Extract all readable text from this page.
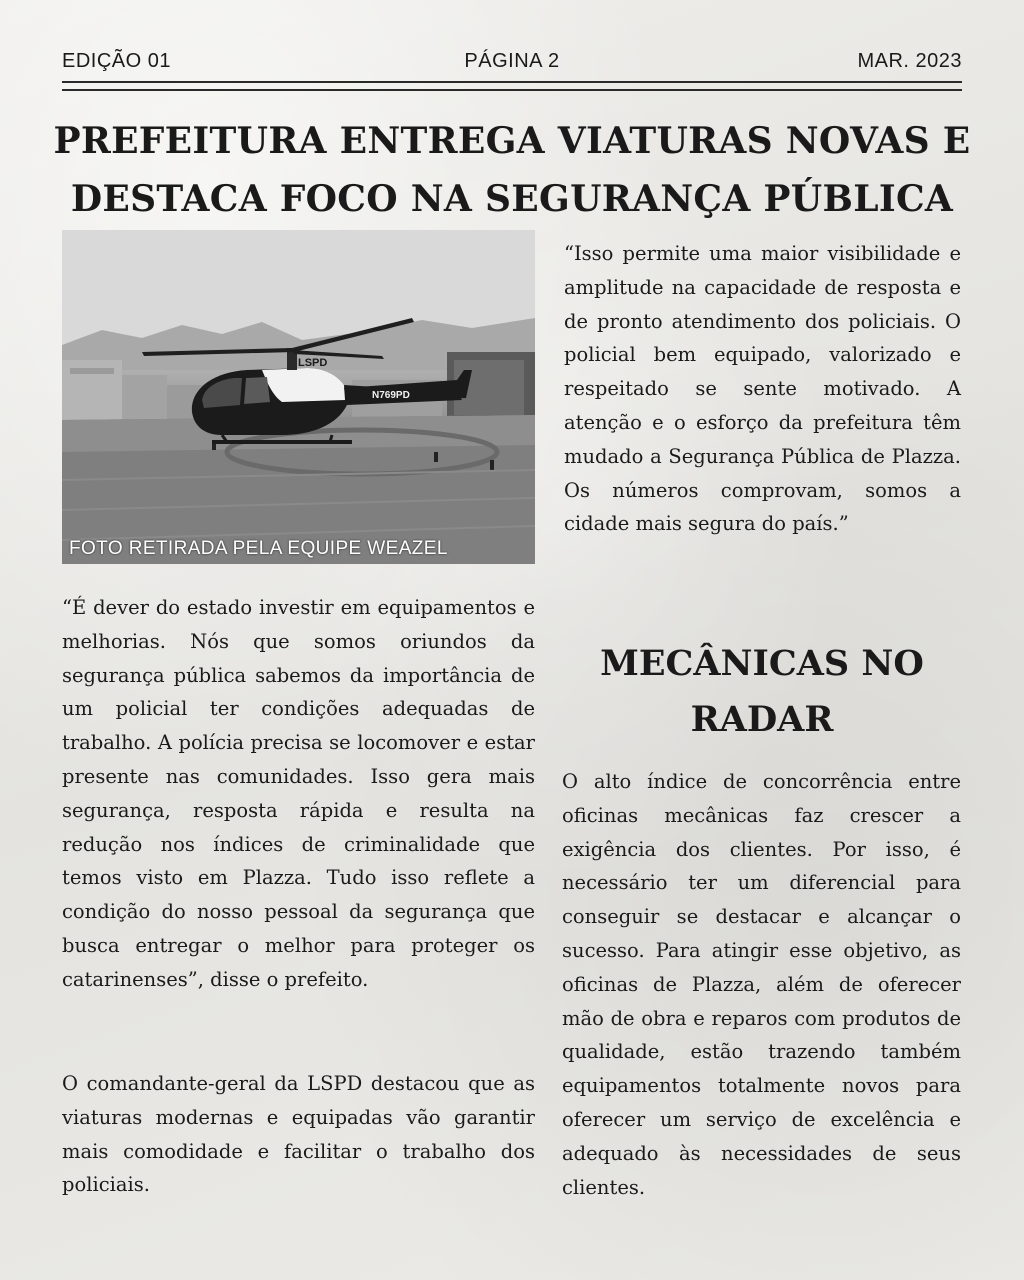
EDIÇÃO 01	PÁGINA 2	MAR. 2023
PREFEITURA ENTREGA VIATURAS NOVAS E DESTACA FOCO NA SEGURANÇA PÚBLICA
LSPD
N769PD
FOTO RETIRADA PELA EQUIPE WEAZEL

“É dever do estado investir em equipamentos e melhorias. Nós que somos oriundos da segurança pública sabemos da importância de um policial ter condições adequadas de trabalho. A polícia precisa se locomover e estar presente nas comunidades. Isso gera mais segurança, resposta rápida e resulta na redução nos índices de criminalidade que temos visto em Plazza. Tudo isso reflete a condição do nosso pessoal da segurança que busca entregar o melhor para proteger os catarinenses”, disse o prefeito.

O comandante-geral da LSPD destacou que as viaturas modernas e equipadas vão garantir mais comodidade e facilitar o trabalho dos policiais.

“Isso permite uma maior visibilidade e amplitude na capacidade de resposta e de pronto atendimento dos policiais. O policial bem equipado, valorizado e respeitado se sente motivado. A atenção e o esforço da prefeitura têm mudado a Segurança Pública de Plazza. Os números comprovam, somos a cidade mais segura do país.”

MECÂNICAS NO RADAR

O alto índice de concorrência entre oficinas mecânicas faz crescer a exigência dos clientes. Por isso, é necessário ter um diferencial para conseguir se destacar e alcançar o sucesso. Para atingir esse objetivo, as oficinas de Plazza, além de oferecer mão de obra e reparos com produtos de qualidade, estão trazendo também equipamentos totalmente novos para oferecer um serviço de excelência e adequado às necessidades de seus clientes.
